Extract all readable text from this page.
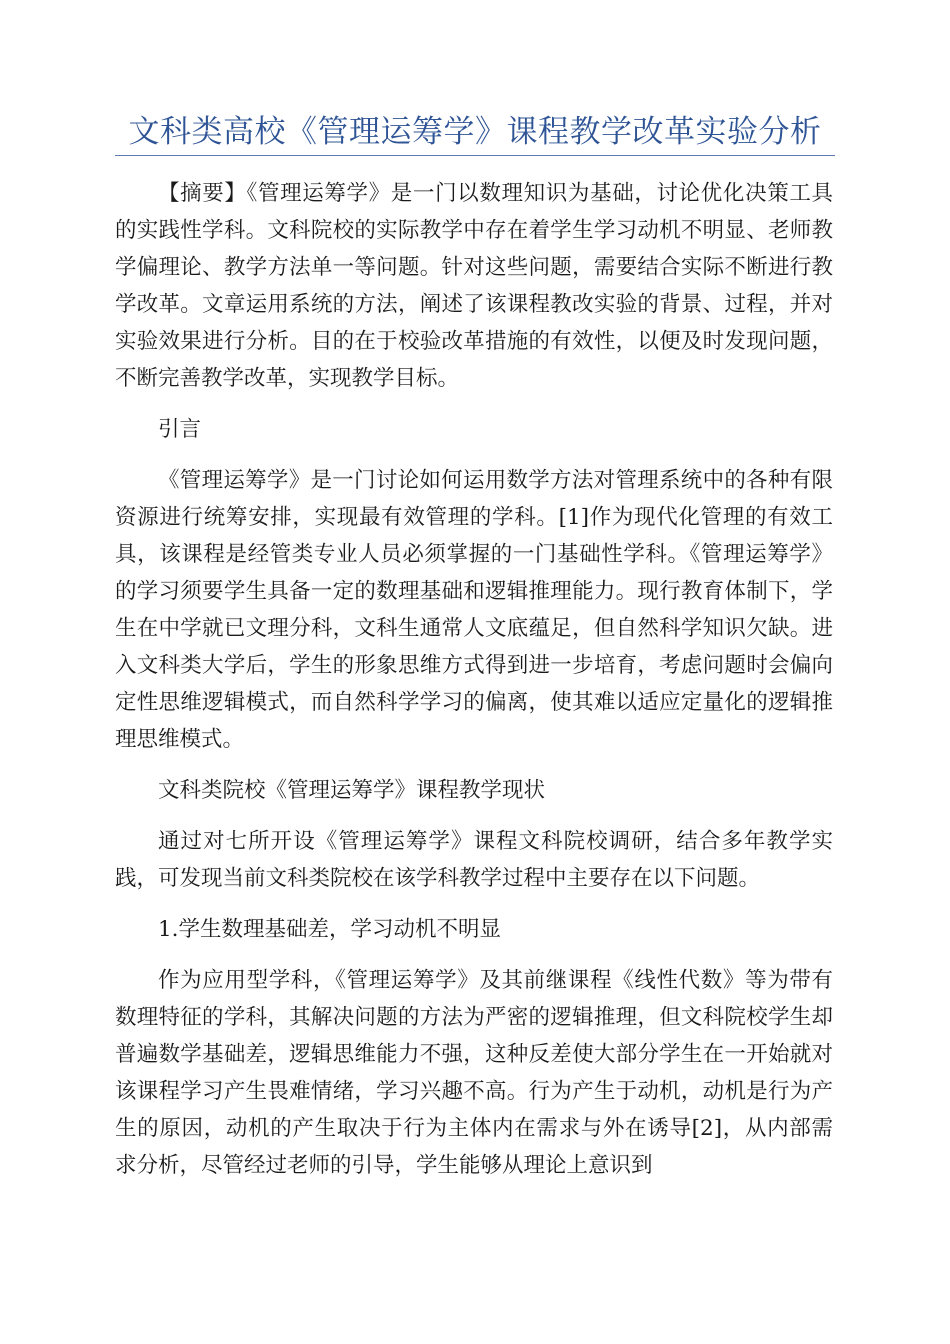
文科类高校《管理运筹学》课程教学改革实验分析

【摘要】《管理运筹学》是一门以数理知识为基础，讨论优化决策工具的实践性学科。文科院校的实际教学中存在着学生学习动机不明显、老师教学偏理论、教学方法单一等问题。针对这些问题，需要结合实际不断进行教学改革。文章运用系统的方法，阐述了该课程教改实验的背景、过程，并对实验效果进行分析。目的在于校验改革措施的有效性，以便及时发现问题，不断完善教学改革，实现教学目标。

引言

《管理运筹学》是一门讨论如何运用数学方法对管理系统中的各种有限资源进行统筹安排，实现最有效管理的学科。[1]作为现代化管理的有效工具，该课程是经管类专业人员必须掌握的一门基础性学科。《管理运筹学》的学习须要学生具备一定的数理基础和逻辑推理能力。现行教育体制下，学生在中学就已文理分科，文科生通常人文底蕴足，但自然科学知识欠缺。进入文科类大学后，学生的形象思维方式得到进一步培育，考虑问题时会偏向定性思维逻辑模式，而自然科学学习的偏离，使其难以适应定量化的逻辑推理思维模式。

文科类院校《管理运筹学》课程教学现状

通过对七所开设《管理运筹学》课程文科院校调研，结合多年教学实践，可发现当前文科类院校在该学科教学过程中主要存在以下问题。

1.学生数理基础差，学习动机不明显

作为应用型学科，《管理运筹学》及其前继课程《线性代数》等为带有数理特征的学科，其解决问题的方法为严密的逻辑推理，但文科院校学生却普遍数学基础差，逻辑思维能力不强，这种反差使大部分学生在一开始就对该课程学习产生畏难情绪，学习兴趣不高。行为产生于动机，动机是行为产生的原因，动机的产生取决于行为主体内在需求与外在诱导[2]，从内部需求分析，尽管经过老师的引导，学生能够从理论上意识到
